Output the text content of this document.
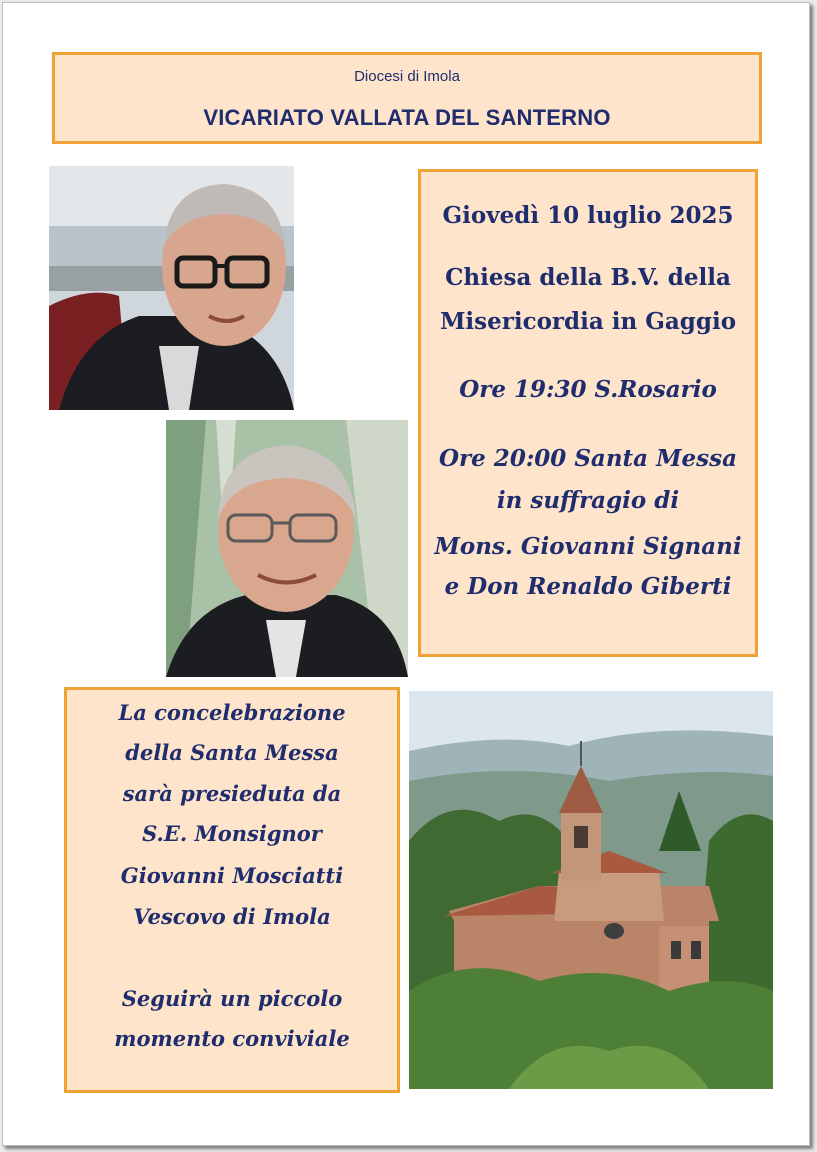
Diocesi di Imola
VICARIATO VALLATA DEL SANTERNO
Giovedì 10 luglio 2025
Chiesa della B.V. della
Misericordia in Gaggio
Ore 19:30 S.Rosario
Ore 20:00 Santa Messa
in suffragio di
Mons. Giovanni Signani
e Don Renaldo Giberti
La concelebrazione
della Santa Messa
sarà presieduta da
S.E. Monsignor
Giovanni Mosciatti
Vescovo di Imola
Seguirà un piccolo
momento conviviale
